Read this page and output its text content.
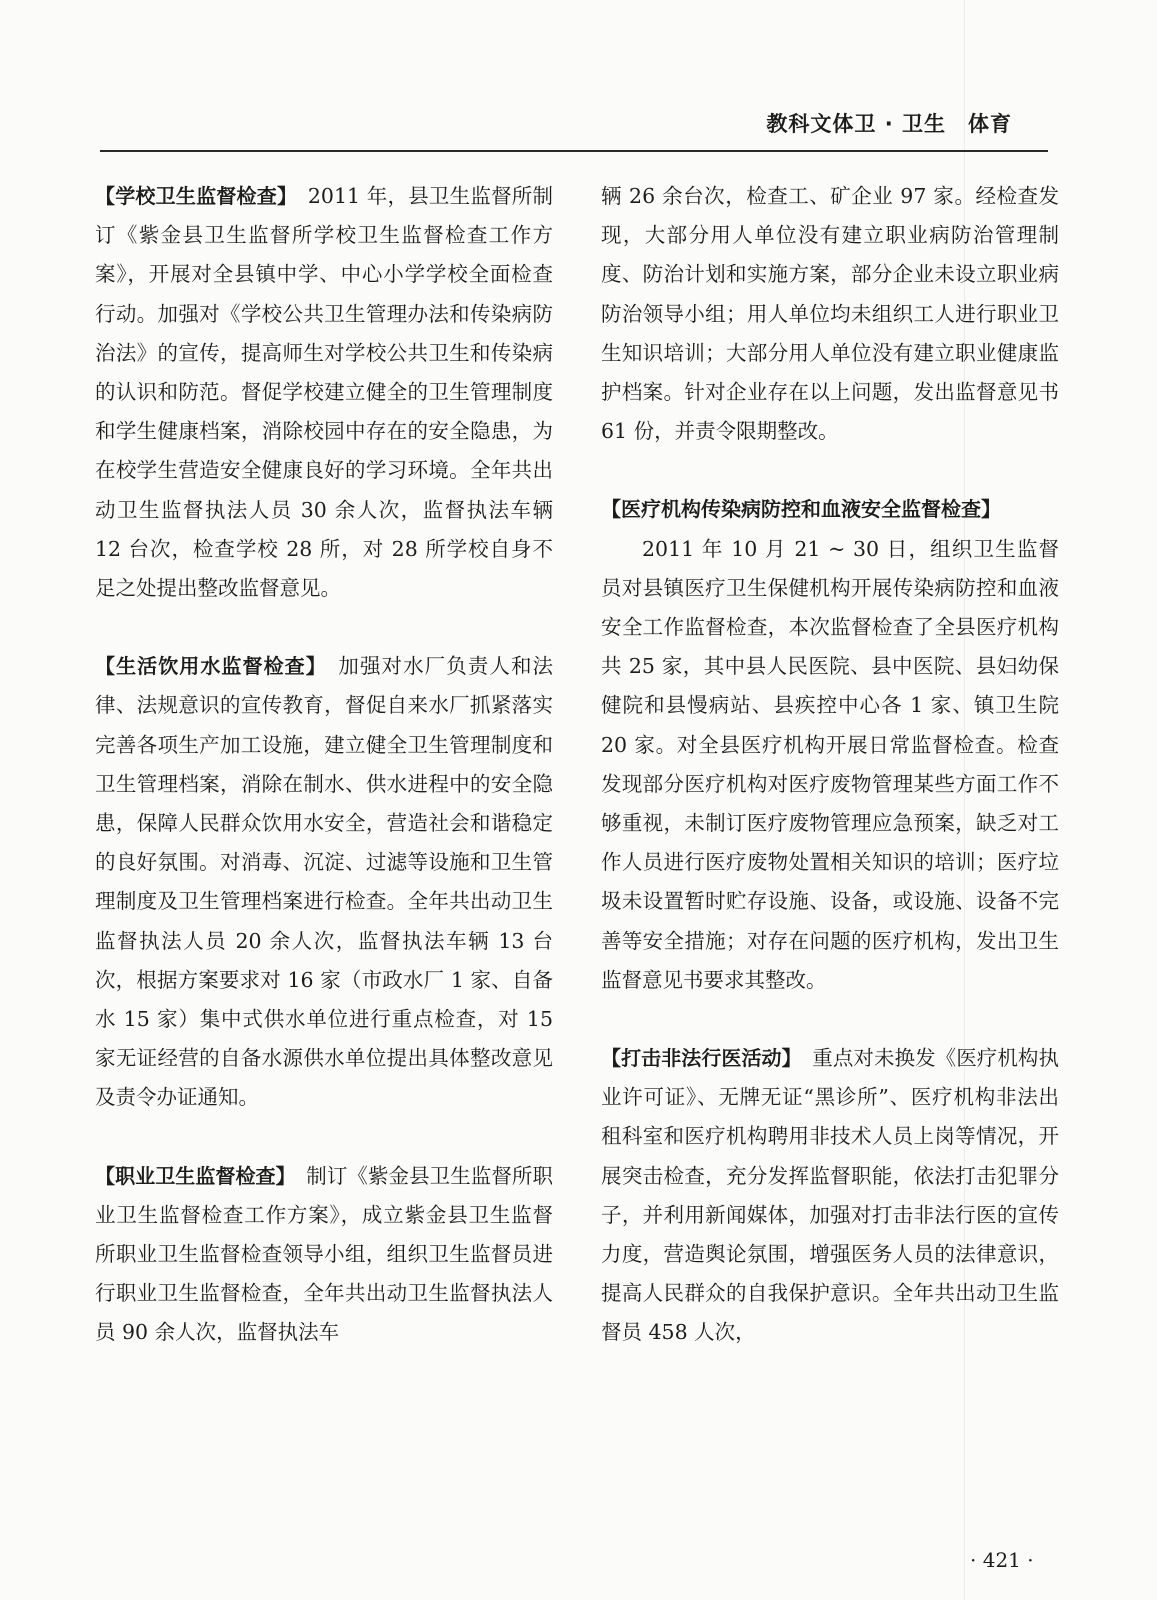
教科文体卫 · 卫生　体育

【学校卫生监督检查】　2011 年，县卫生监督所制订《紫金县卫生监督所学校卫生监督检查工作方案》，开展对全县镇中学、中心小学学校全面检查行动。加强对《学校公共卫生管理办法和传染病防治法》的宣传，提高师生对学校公共卫生和传染病的认识和防范。督促学校建立健全的卫生管理制度和学生健康档案，消除校园中存在的安全隐患，为在校学生营造安全健康良好的学习环境。全年共出动卫生监督执法人员 30 余人次，监督执法车辆 12 台次，检查学校 28 所，对 28 所学校自身不足之处提出整改监督意见。

【生活饮用水监督检查】　加强对水厂负责人和法律、法规意识的宣传教育，督促自来水厂抓紧落实完善各项生产加工设施，建立健全卫生管理制度和卫生管理档案，消除在制水、供水进程中的安全隐患，保障人民群众饮用水安全，营造社会和谐稳定的良好氛围。对消毒、沉淀、过滤等设施和卫生管理制度及卫生管理档案进行检查。全年共出动卫生监督执法人员 20 余人次，监督执法车辆 13 台次，根据方案要求对 16 家（市政水厂 1 家、自备水 15 家）集中式供水单位进行重点检查，对 15 家无证经营的自备水源供水单位提出具体整改意见及责令办证通知。

【职业卫生监督检查】　制订《紫金县卫生监督所职业卫生监督检查工作方案》，成立紫金县卫生监督所职业卫生监督检查领导小组，组织卫生监督员进行职业卫生监督检查，全年共出动卫生监督执法人员 90 余人次，监督执法车

辆 26 余台次，检查工、矿企业 97 家。经检查发现，大部分用人单位没有建立职业病防治管理制度、防治计划和实施方案，部分企业未设立职业病防治领导小组；用人单位均未组织工人进行职业卫生知识培训；大部分用人单位没有建立职业健康监护档案。针对企业存在以上问题，发出监督意见书 61 份，并责令限期整改。

【医疗机构传染病防控和血液安全监督检查】

2011 年 10 月 21 ~ 30 日，组织卫生监督员对县镇医疗卫生保健机构开展传染病防控和血液安全工作监督检查，本次监督检查了全县医疗机构共 25 家，其中县人民医院、县中医院、县妇幼保健院和县慢病站、县疾控中心各 1 家、镇卫生院 20 家。对全县医疗机构开展日常监督检查。检查发现部分医疗机构对医疗废物管理某些方面工作不够重视，未制订医疗废物管理应急预案，缺乏对工作人员进行医疗废物处置相关知识的培训；医疗垃圾未设置暂时贮存设施、设备，或设施、设备不完善等安全措施；对存在问题的医疗机构，发出卫生监督意见书要求其整改。

【打击非法行医活动】　重点对未换发《医疗机构执业许可证》、无牌无证“黑诊所”、医疗机构非法出租科室和医疗机构聘用非技术人员上岗等情况，开展突击检查，充分发挥监督职能，依法打击犯罪分子，并利用新闻媒体，加强对打击非法行医的宣传力度，营造舆论氛围，增强医务人员的法律意识，提高人民群众的自我保护意识。全年共出动卫生监督员 458 人次，

· 421 ·
